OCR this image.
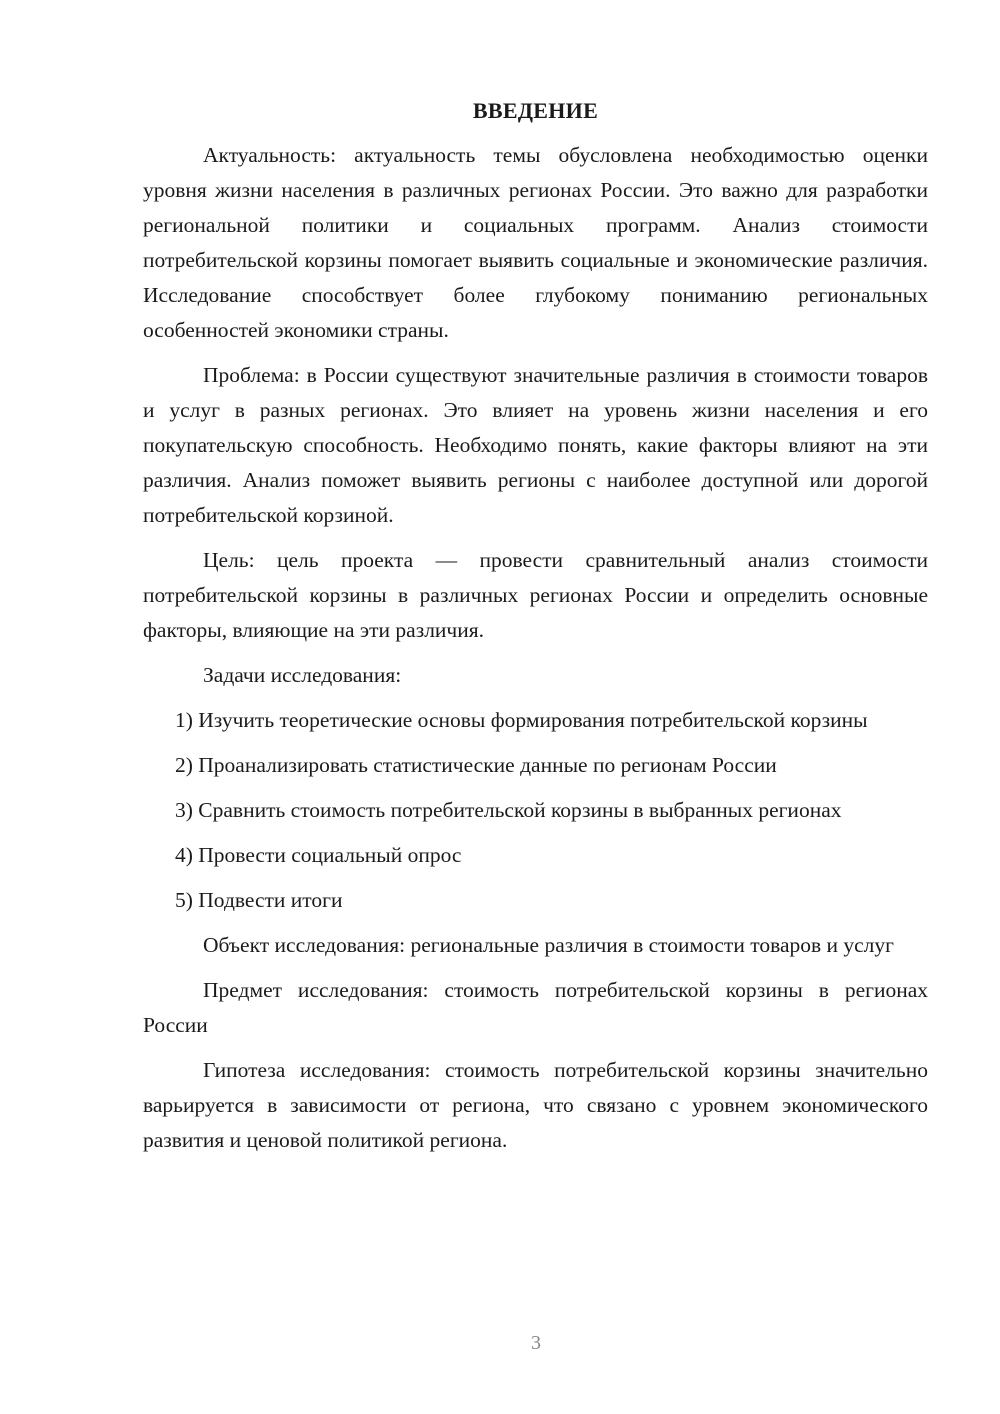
ВВЕДЕНИЕ

Актуальность: актуальность темы обусловлена необходимостью оценки уровня жизни населения в различных регионах России. Это важно для разработки региональной политики и социальных программ. Анализ стоимости потребительской корзины помогает выявить социальные и экономические различия. Исследование способствует более глубокому пониманию региональных особенностей экономики страны.

Проблема: в России существуют значительные различия в стоимости товаров и услуг в разных регионах. Это влияет на уровень жизни населения и его покупательскую способность. Необходимо понять, какие факторы влияют на эти различия. Анализ поможет выявить регионы с наиболее доступной или дорогой потребительской корзиной.

Цель: цель проекта — провести сравнительный анализ стоимости потребительской корзины в различных регионах России и определить основные факторы, влияющие на эти различия.

Задачи исследования:

1) Изучить теоретические основы формирования потребительской корзины

2) Проанализировать статистические данные по регионам России

3) Сравнить стоимость потребительской корзины в выбранных регионах

4) Провести социальный опрос

5) Подвести итоги

Объект исследования: региональные различия в стоимости товаров и услуг

Предмет исследования: стоимость потребительской корзины в регионах России

Гипотеза исследования: стоимость потребительской корзины значительно варьируется в зависимости от региона, что связано с уровнем экономического развития и ценовой политикой региона.

3
